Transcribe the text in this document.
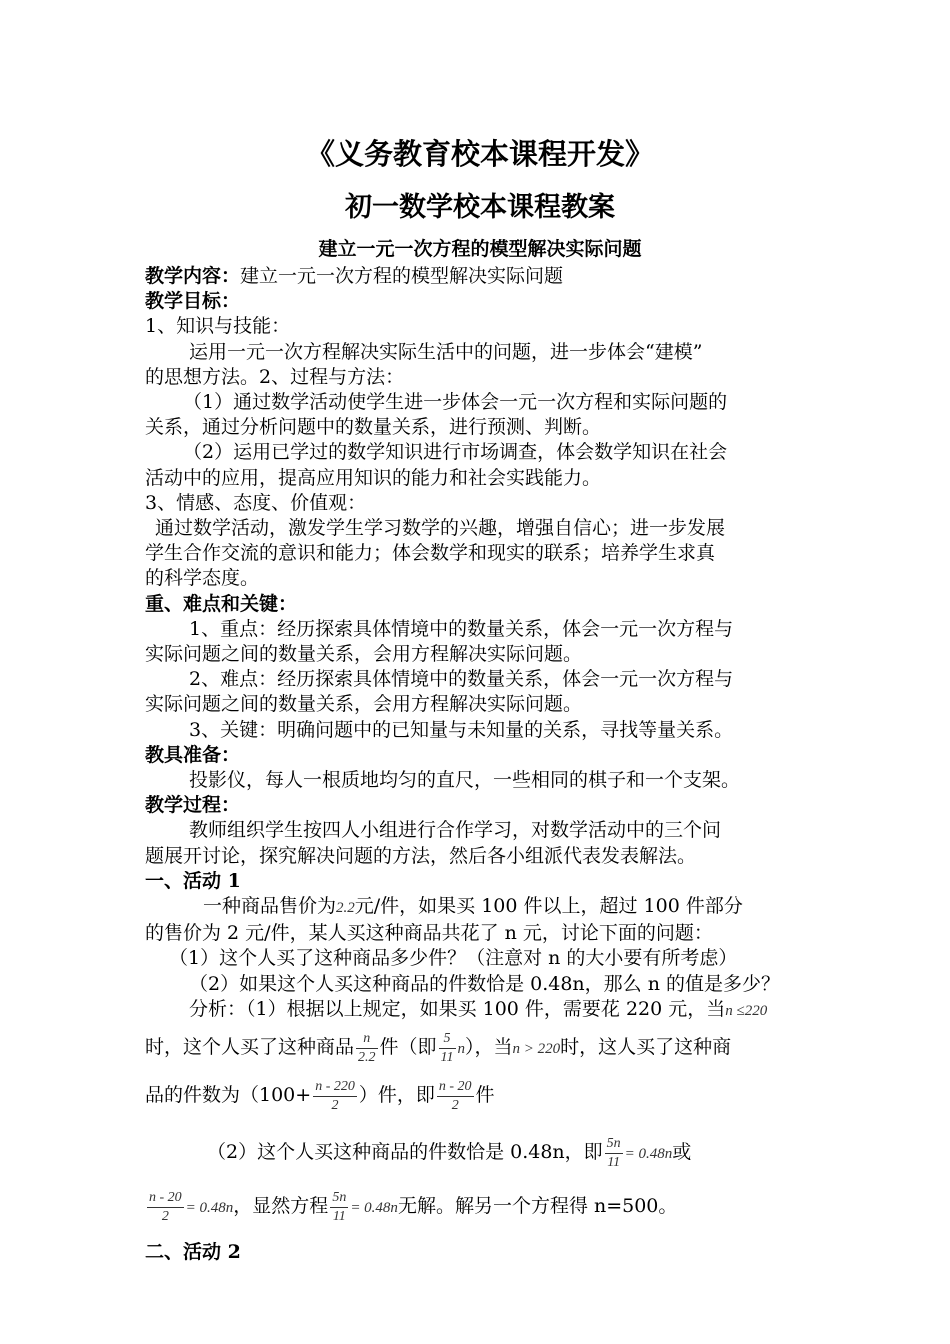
《义务教育校本课程开发》
初一数学校本课程教案
建立一元一次方程的模型解决实际问题
教学内容：建立一元一次方程的模型解决实际问题
教学目标：
1、知识与技能：
运用一元一次方程解决实际生活中的问题，进一步体会“建模”
的思想方法。2、过程与方法：
（1）通过数学活动使学生进一步体会一元一次方程和实际问题的
关系，通过分析问题中的数量关系，进行预测、判断。
（2）运用已学过的数学知识进行市场调查，体会数学知识在社会
活动中的应用，提高应用知识的能力和社会实践能力。
3、情感、态度、价值观：
通过数学活动，激发学生学习数学的兴趣，增强自信心；进一步发展
学生合作交流的意识和能力；体会数学和现实的联系；培养学生求真
的科学态度。
重、难点和关键：
1、重点：经历探索具体情境中的数量关系，体会一元一次方程与
实际问题之间的数量关系，会用方程解决实际问题。
2、难点：经历探索具体情境中的数量关系，体会一元一次方程与
实际问题之间的数量关系，会用方程解决实际问题。
3、关键：明确问题中的已知量与未知量的关系，寻找等量关系。
教具准备：
投影仪，每人一根质地均匀的直尺，一些相同的棋子和一个支架。
教学过程：
教师组织学生按四人小组进行合作学习，对数学活动中的三个问
题展开讨论，探究解决问题的方法，然后各小组派代表发表解法。
一、活动 1
一种商品售价为2.2元/件，如果买 100 件以上，超过 100 件部分
的售价为 2 元/件，某人买这种商品共花了 n 元，讨论下面的问题：
（1）这个人买了这种商品多少件？（注意对 n 的大小要有所考虑）
（2）如果这个人买这种商品的件数恰是 0.48n，那么 n 的值是多少？
分析：（1）根据以上规定，如果买 100 件，需要花 220 元，当n ≤220
时，这个人买了这种商品 $\frac{n}{2.2}$ 件（即 $\frac{5}{11} n$），当n > 220时，这人买了这种商
品的件数为（$100+ \frac{n - 220}{2}$ ）件，即 $\frac{n - 20}{2}$ 件
（2）这个人买这种商品的件数恰是 0.48n，即 $\frac{5n}{11} = 0.48n$或
$\frac{n - 20}{2} = 0.48n$，显然方程 $\frac{5n}{11} = 0.48n$无解。解另一个方程得 n=500。
二、活动 2
